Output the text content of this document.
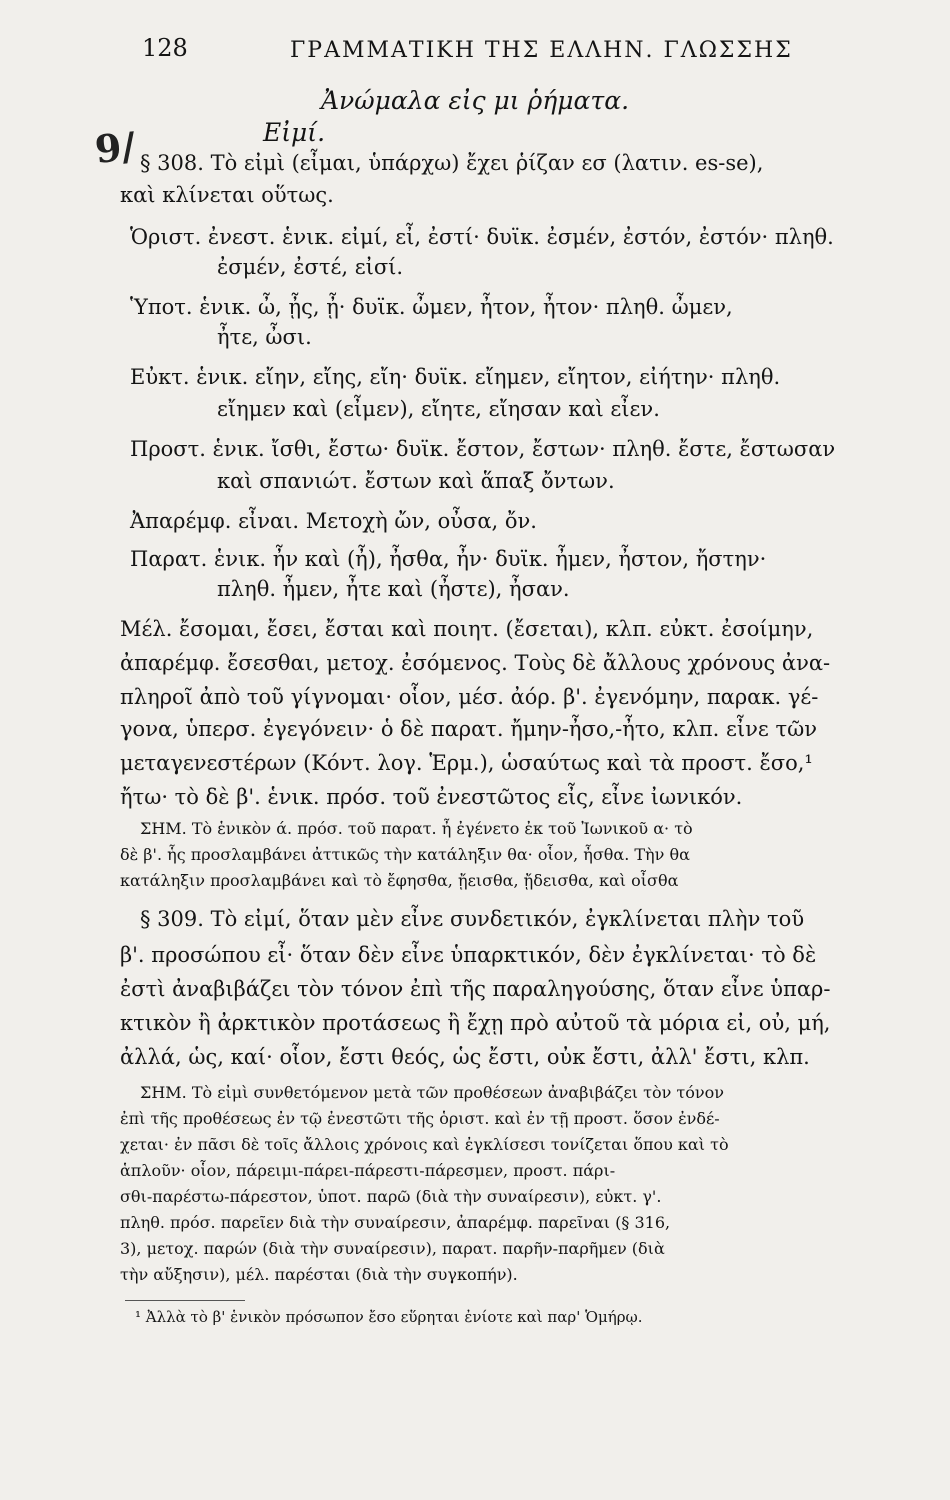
128	ΓΡΑΜΜΑΤΙΚΗ ΤΗΣ ΕΛΛΗΝ. ΓΛΩΣΣΗΣ
Ἀνώμαλα εἰς μι ῥήματα.
9/	Εἰμί.
§ 308. Τὸ εἰμὶ (εἶμαι, ὑπάρχω) ἔχει ῥίζαν εσ (λατιν. es-se),
καὶ κλίνεται οὕτως.
Ὁριστ. ἐνεστ. ἑνικ. εἰμί, εἶ, ἐστί· δυϊκ. ἐσμέν, ἐστόν, ἐστόν· πληθ.
ἐσμέν, ἐστέ, εἰσί.
Ὑποτ. ἑνικ. ὦ, ᾖς, ᾖ· δυϊκ. ὦμεν, ἦτον, ἦτον· πληθ. ὦμεν,
ἦτε, ὦσι.
Εὐκτ. ἑνικ. εἴην, εἴης, εἴη· δυϊκ. εἴημεν, εἴητον, εἰήτην· πληθ.
εἴημεν καὶ (εἶμεν), εἴητε, εἴησαν καὶ εἶεν.
Προστ. ἑνικ. ἴσθι, ἔστω· δυϊκ. ἔστον, ἔστων· πληθ. ἔστε, ἔστωσαν
καὶ σπανιώτ. ἔστων καὶ ἅπαξ ὄντων.
Ἀπαρέμφ. εἶναι. Μετοχὴ ὤν, οὖσα, ὄν.
Παρατ. ἑνικ. ἦν καὶ (ἦ), ἦσθα, ἦν· δυϊκ. ἦμεν, ἦστον, ἤστην·
πληθ. ἦμεν, ἦτε καὶ (ἦστε), ἦσαν.
Μέλ. ἔσομαι, ἔσει, ἔσται καὶ ποιητ. (ἔσεται), κλπ. εὐκτ. ἐσοίμην,
ἀπαρέμφ. ἔσεσθαι, μετοχ. ἐσόμενος. Τοὺς δὲ ἄλλους χρόνους ἀνα-
πληροῖ ἀπὸ τοῦ γίγνομαι· οἷον, μέσ. ἀόρ. β'. ἐγενόμην, παρακ. γέ-
γονα, ὑπερσ. ἐγεγόνειν· ὁ δὲ παρατ. ἤμην-ἦσο,-ἦτο, κλπ. εἶνε τῶν
μεταγενεστέρων (Κόντ. λογ. Ἑρμ.), ὡσαύτως καὶ τὰ προστ. ἔσο,¹
ἤτω· τὸ δὲ β'. ἑνικ. πρόσ. τοῦ ἐνεστῶτος εἶς, εἶνε ἰωνικόν.
ΣΗΜ. Τὸ ἑνικὸν ά. πρόσ. τοῦ παρατ. ἦ ἐγένετο ἐκ τοῦ Ἰωνικοῦ α· τὸ
δὲ β'. ἧς προσλαμβάνει ἀττικῶς τὴν κατάληξιν θα· οἷον, ἦσθα. Τὴν θα
κατάληξιν προσλαμβάνει καὶ τὸ ἔφησθα, ᾔεισθα, ᾔδεισθα, καὶ οἶσθα
§ 309. Τὸ εἰμί, ὅταν μὲν εἶνε συνδετικόν, ἐγκλίνεται πλὴν τοῦ
β'. προσώπου εἶ· ὅταν δὲν εἶνε ὑπαρκτικόν, δὲν ἐγκλίνεται· τὸ δὲ
ἐστὶ ἀναβιβάζει τὸν τόνον ἐπὶ τῆς παραληγούσης, ὅταν εἶνε ὑπαρ-
κτικὸν ἢ ἀρκτικὸν προτάσεως ἢ ἔχῃ πρὸ αὐτοῦ τὰ μόρια εἰ, οὐ, μή,
ἀλλά, ὡς, καί· οἷον, ἔστι θεός, ὡς ἔστι, οὐκ ἔστι, ἀλλ' ἔστι, κλπ.
ΣΗΜ. Τὸ εἰμὶ συνθετόμενον μετὰ τῶν προθέσεων ἀναβιβάζει τὸν τόνον
ἐπὶ τῆς προθέσεως ἐν τῷ ἐνεστῶτι τῆς ὁριστ. καὶ ἐν τῇ προστ. ὅσον ἐνδέ-
χεται· ἐν πᾶσι δὲ τοῖς ἄλλοις χρόνοις καὶ ἐγκλίσεσι τονίζεται ὅπου καὶ τὸ
ἁπλοῦν· οἷον, πάρειμι-πάρει-πάρεστι-πάρεσμεν, προστ. πάρι-
σθι-παρέστω-πάρεστον, ὑποτ. παρῶ (διὰ τὴν συναίρεσιν), εὐκτ. γ'.
πληθ. πρόσ. παρεῖεν διὰ τὴν συναίρεσιν, ἀπαρέμφ. παρεῖναι (§ 316,
3), μετοχ. παρών (διὰ τὴν συναίρεσιν), παρατ. παρῆν-παρῆμεν (διὰ
τὴν αὔξησιν), μέλ. παρέσται (διὰ τὴν συγκοπήν).
¹ Ἀλλὰ τὸ β' ἑνικὸν πρόσωπον ἔσο εὕρηται ἐνίοτε καὶ παρ' Ὁμήρῳ.
